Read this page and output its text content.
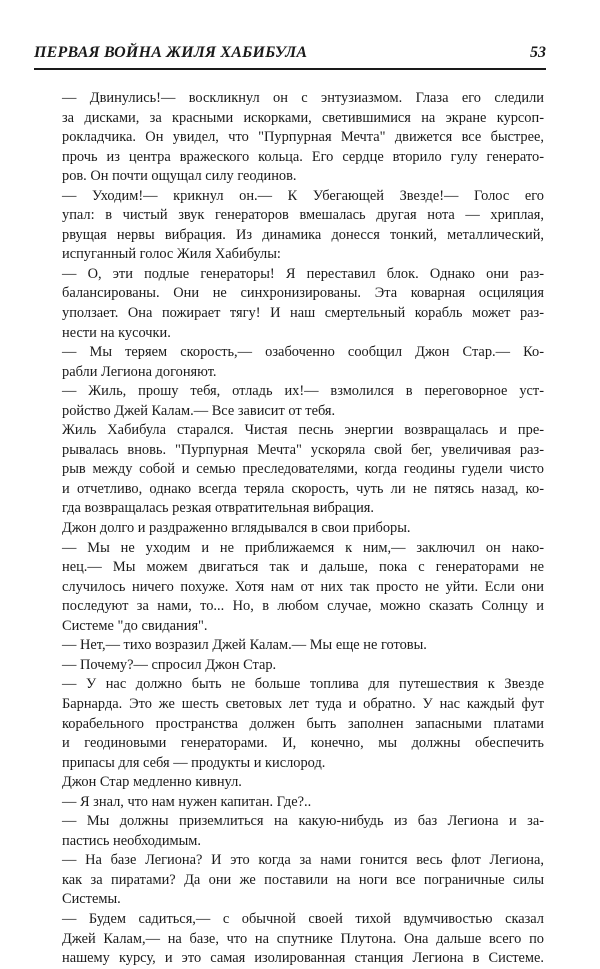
ПЕРВАЯ ВОЙНА ЖИЛЯ ХАБИБУЛА	53

— Двинулись!— воскликнул он с энтузиазмом. Глаза его следили

за дисками, за красными искорками, светившимися на экране курсоп-

рокладчика. Он увидел, что "Пурпурная Мечта" движется все быстрее,

прочь из центра вражеского кольца. Его сердце вторило гулу генерато-

ров. Он почти ощущал силу геодинов.

— Уходим!— крикнул он.— К Убегающей Звезде!— Голос его

упал: в чистый звук генераторов вмешалась другая нота — хриплая,

рвущая нервы вибрация. Из динамика донесся тонкий, металлический,

испуганный голос Жиля Хабибулы:

— О, эти подлые генераторы! Я переставил блок. Однако они раз-

балансированы. Они не синхронизированы. Эта коварная осциляция

уползает. Она пожирает тягу! И наш смертельный корабль может раз-

нести на кусочки.

— Мы теряем скорость,— озабоченно сообщил Джон Стар.— Ко-

рабли Легиона догоняют.

— Жиль, прошу тебя, отладь их!— взмолился в переговорное уст-

ройство Джей Калам.— Все зависит от тебя.

Жиль Хабибула старался. Чистая песнь энергии возвращалась и пре-

рывалась вновь. "Пурпурная Мечта" ускоряла свой бег, увеличивая раз-

рыв между собой и семью преследователями, когда геодины гудели чисто

и отчетливо, однако всегда теряла скорость, чуть ли не пятясь назад, ко-

гда возвращалась резкая отвратительная вибрация.

Джон долго и раздраженно вглядывался в свои приборы.

— Мы не уходим и не приближаемся к ним,— заключил он нако-

нец.— Мы можем двигаться так и дальше, пока с генераторами не

случилось ничего похуже. Хотя нам от них так просто не уйти. Если они

последуют за нами, то... Но, в любом случае, можно сказать Солнцу и

Системе "до свидания".

— Нет,— тихо возразил Джей Калам.— Мы еще не готовы.

— Почему?— спросил Джон Стар.

— У нас должно быть не больше топлива для путешествия к Звезде

Барнарда. Это же шесть световых лет туда и обратно. У нас каждый фут

корабельного пространства должен быть заполнен запасными платами

и геодиновыми генераторами. И, конечно, мы должны обеспечить

припасы для себя — продукты и кислород.

Джон Стар медленно кивнул.

— Я знал, что нам нужен капитан. Где?..

— Мы должны приземлиться на какую-нибудь из баз Легиона и за-

пастись необходимым.

— На базе Легиона? И это когда за нами гонится весь флот Легиона,

как за пиратами? Да они же поставили на ноги все пограничные силы

Системы.

— Будем садиться,— с обычной своей тихой вдумчивостью сказал

Джей Калам,— на базе, что на спутнике Плутона. Она дальше всего по

нашему курсу, и это самая изолированная станция Легиона в Системе.
